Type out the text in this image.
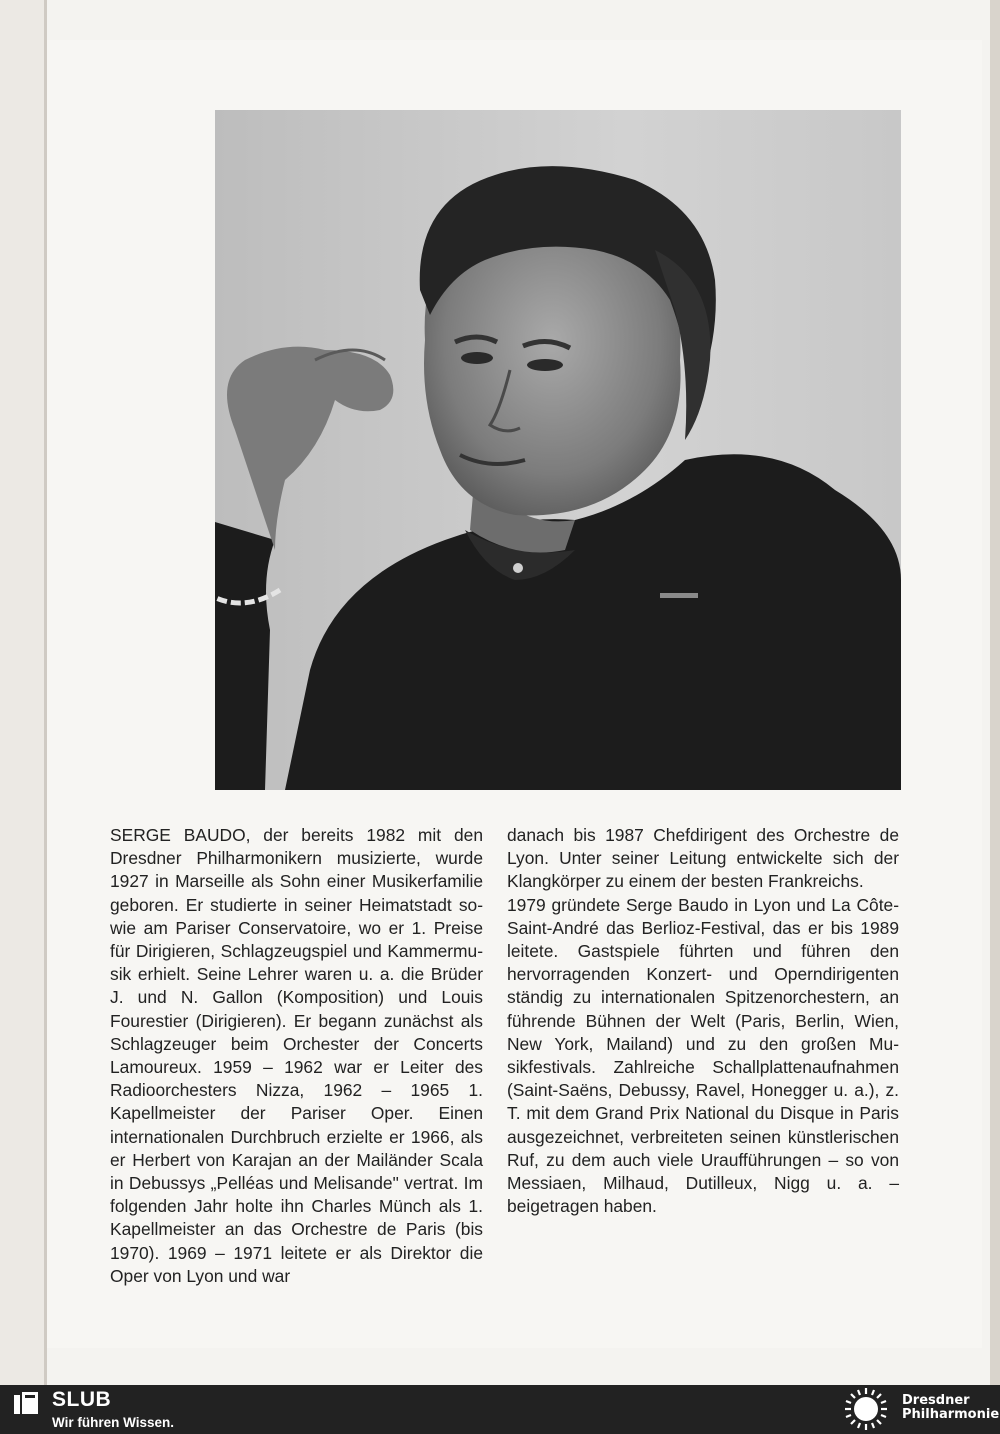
SERGE BAUDO, der bereits 1982 mit den Dresdner Philharmonikern musizierte, wurde 1927 in Marseille als Sohn einer Musikerfamilie geboren. Er studierte in seiner Heimatstadt sowie am Pariser Conservatoire, wo er 1. Preise für Dirigieren, Schlagzeugspiel und Kammermusik erhielt. Seine Lehrer waren u. a. die Brüder J. und N. Gallon (Komposition) und Louis Fourestier (Dirigieren). Er begann zunächst als Schlagzeuger beim Orchester der Concerts Lamoureux. 1959 – 1962 war er Leiter des Radioorchesters Nizza, 1962 – 1965 1. Kapellmeister der Pariser Oper. Einen internationalen Durchbruch erzielte er 1966, als er Herbert von Karajan an der Mailänder Scala in Debussys „Pelléas und Melisande" vertrat. Im folgenden Jahr holte ihn Charles Münch als 1. Kapellmeister an das Orchestre de Paris (bis 1970). 1969 – 1971 leitete er als Direktor die Oper von Lyon und war

danach bis 1987 Chefdirigent des Orchestre de Lyon. Unter seiner Leitung entwickelte sich der Klangkörper zu einem der besten Frankreichs.

1979 gründete Serge Baudo in Lyon und La Côte-Saint-André das Berlioz-Festival, das er bis 1989 leitete. Gastspiele führten und führen den hervorragenden Konzert- und Operndirigenten ständig zu internationalen Spitzenorchestern, an führende Bühnen der Welt (Paris, Berlin, Wien, New York, Mailand) und zu den großen Musikfestivals. Zahlreiche Schallplattenaufnahmen (Saint-Saëns, Debussy, Ravel, Honegger u. a.), z. T. mit dem Grand Prix National du Disque in Paris ausgezeichnet, verbreiteten seinen künstlerischen Ruf, zu dem auch viele Uraufführungen – so von Messiaen, Milhaud, Dutilleux, Nigg u. a. – beigetragen haben.

SLUB
Wir führen Wissen.
Dresdner
Philharmonie
